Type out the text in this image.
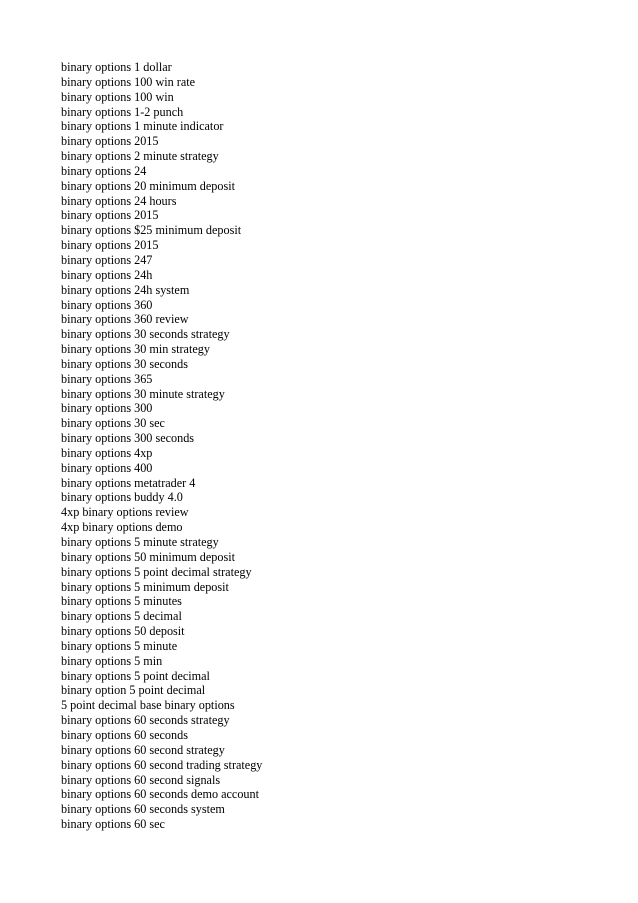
binary options 1 dollar
binary options 100 win rate
binary options 100 win
binary options 1-2 punch
binary options 1 minute indicator
binary options 2015
binary options 2 minute strategy
binary options 24
binary options 20 minimum deposit
binary options 24 hours
binary options 2015
binary options $25 minimum deposit
binary options 2015
binary options 247
binary options 24h
binary options 24h system
binary options 360
binary options 360 review
binary options 30 seconds strategy
binary options 30 min strategy
binary options 30 seconds
binary options 365
binary options 30 minute strategy
binary options 300
binary options 30 sec
binary options 300 seconds
binary options 4xp
binary options 400
binary options metatrader 4
binary options buddy 4.0
4xp binary options review
4xp binary options demo
binary options 5 minute strategy
binary options 50 minimum deposit
binary options 5 point decimal strategy
binary options 5 minimum deposit
binary options 5 minutes
binary options 5 decimal
binary options 50 deposit
binary options 5 minute
binary options 5 min
binary options 5 point decimal
binary option 5 point decimal
5 point decimal base binary options
binary options 60 seconds strategy
binary options 60 seconds
binary options 60 second strategy
binary options 60 second trading strategy
binary options 60 second signals
binary options 60 seconds demo account
binary options 60 seconds system
binary options 60 sec
